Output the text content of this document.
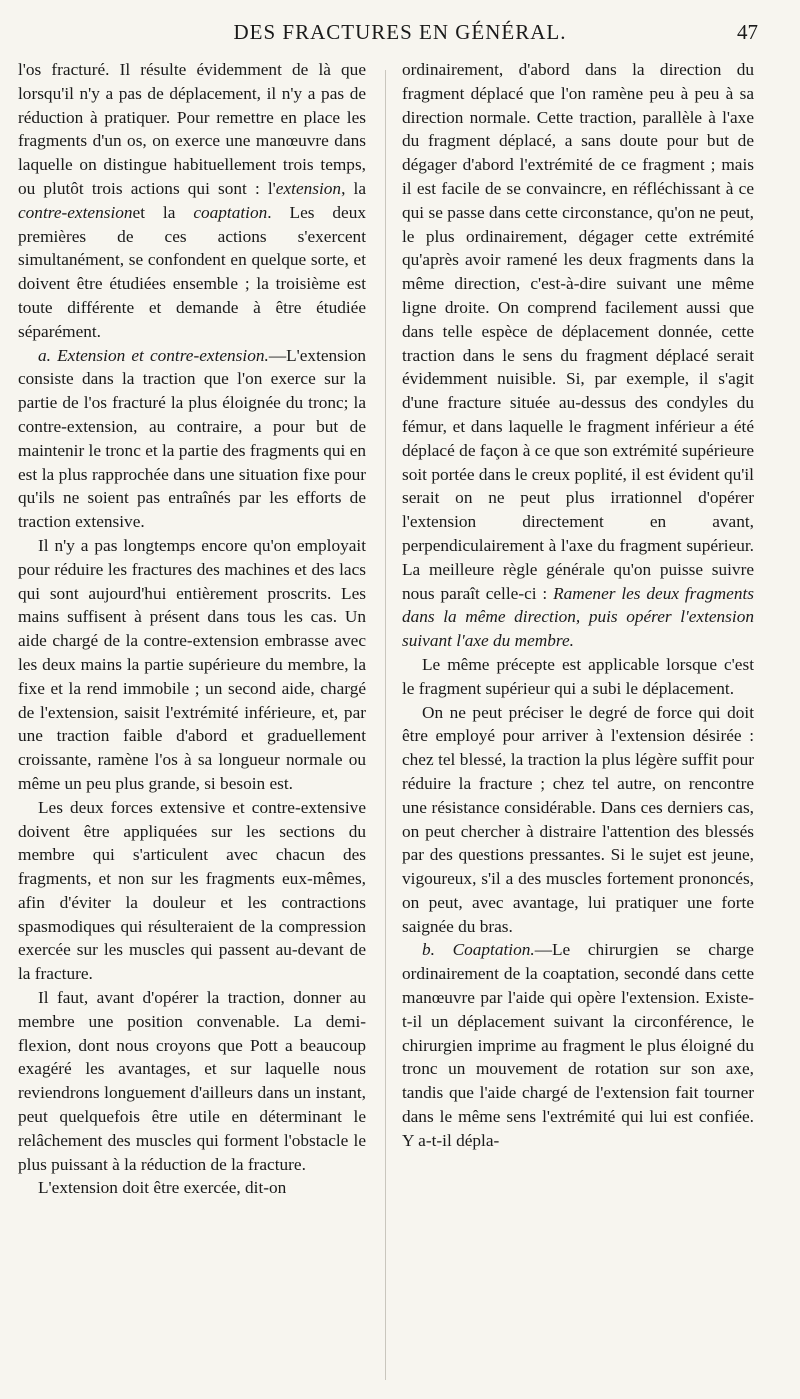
DES FRACTURES EN GÉNÉRAL.	47

l'os fracturé. Il résulte évidemment de là que lorsqu'il n'y a pas de déplacement, il n'y a pas de réduction à pratiquer. Pour remettre en place les fragments d'un os, on exerce une manœuvre dans laquelle on distingue habituellement trois temps, ou plutôt trois actions qui sont : l'extension, la contre-extensionet la coaptation. Les deux premières de ces actions s'exercent simultanément, se confondent en quelque sorte, et doivent être étudiées ensemble ; la troisième est toute différente et demande à être étudiée séparément.

a. Extension et contre-extension.—L'extension consiste dans la traction que l'on exerce sur la partie de l'os fracturé la plus éloignée du tronc; la contre-extension, au contraire, a pour but de maintenir le tronc et la partie des fragments qui en est la plus rapprochée dans une situation fixe pour qu'ils ne soient pas entraînés par les efforts de traction extensive.

Il n'y a pas longtemps encore qu'on employait pour réduire les fractures des machines et des lacs qui sont aujourd'hui entièrement proscrits. Les mains suffisent à présent dans tous les cas. Un aide chargé de la contre-extension embrasse avec les deux mains la partie supérieure du membre, la fixe et la rend immobile ; un second aide, chargé de l'extension, saisit l'extrémité inférieure, et, par une traction faible d'abord et graduellement croissante, ramène l'os à sa longueur normale ou même un peu plus grande, si besoin est.

Les deux forces extensive et contre-extensive doivent être appliquées sur les sections du membre qui s'articulent avec chacun des fragments, et non sur les fragments eux-mêmes, afin d'éviter la douleur et les contractions spasmodiques qui résulteraient de la compression exercée sur les muscles qui passent au-devant de la fracture.

Il faut, avant d'opérer la traction, donner au membre une position convenable. La demi-flexion, dont nous croyons que Pott a beaucoup exagéré les avantages, et sur laquelle nous reviendrons longuement d'ailleurs dans un instant, peut quelquefois être utile en déterminant le relâchement des muscles qui forment l'obstacle le plus puissant à la réduction de la fracture.

L'extension doit être exercée, dit-on

ordinairement, d'abord dans la direction du fragment déplacé que l'on ramène peu à peu à sa direction normale. Cette traction, parallèle à l'axe du fragment déplacé, a sans doute pour but de dégager d'abord l'extrémité de ce fragment ; mais il est facile de se convaincre, en réfléchissant à ce qui se passe dans cette circonstance, qu'on ne peut, le plus ordinairement, dégager cette extrémité qu'après avoir ramené les deux fragments dans la même direction, c'est-à-dire suivant une même ligne droite. On comprend facilement aussi que dans telle espèce de déplacement donnée, cette traction dans le sens du fragment déplacé serait évidemment nuisible. Si, par exemple, il s'agit d'une fracture située au-dessus des condyles du fémur, et dans laquelle le fragment inférieur a été déplacé de façon à ce que son extrémité supérieure soit portée dans le creux poplité, il est évident qu'il serait on ne peut plus irrationnel d'opérer l'extension directement en avant, perpendiculairement à l'axe du fragment supérieur. La meilleure règle générale qu'on puisse suivre nous paraît celle-ci : Ramener les deux fragments dans la même direction, puis opérer l'extension suivant l'axe du membre.

Le même précepte est applicable lorsque c'est le fragment supérieur qui a subi le déplacement.

On ne peut préciser le degré de force qui doit être employé pour arriver à l'extension désirée : chez tel blessé, la traction la plus légère suffit pour réduire la fracture ; chez tel autre, on rencontre une résistance considérable. Dans ces derniers cas, on peut chercher à distraire l'attention des blessés par des questions pressantes. Si le sujet est jeune, vigoureux, s'il a des muscles fortement prononcés, on peut, avec avantage, lui pratiquer une forte saignée du bras.

b. Coaptation.—Le chirurgien se charge ordinairement de la coaptation, secondé dans cette manœuvre par l'aide qui opère l'extension. Existe-t-il un déplacement suivant la circonférence, le chirurgien imprime au fragment le plus éloigné du tronc un mouvement de rotation sur son axe, tandis que l'aide chargé de l'extension fait tourner dans le même sens l'extrémité qui lui est confiée. Y a-t-il dépla-
